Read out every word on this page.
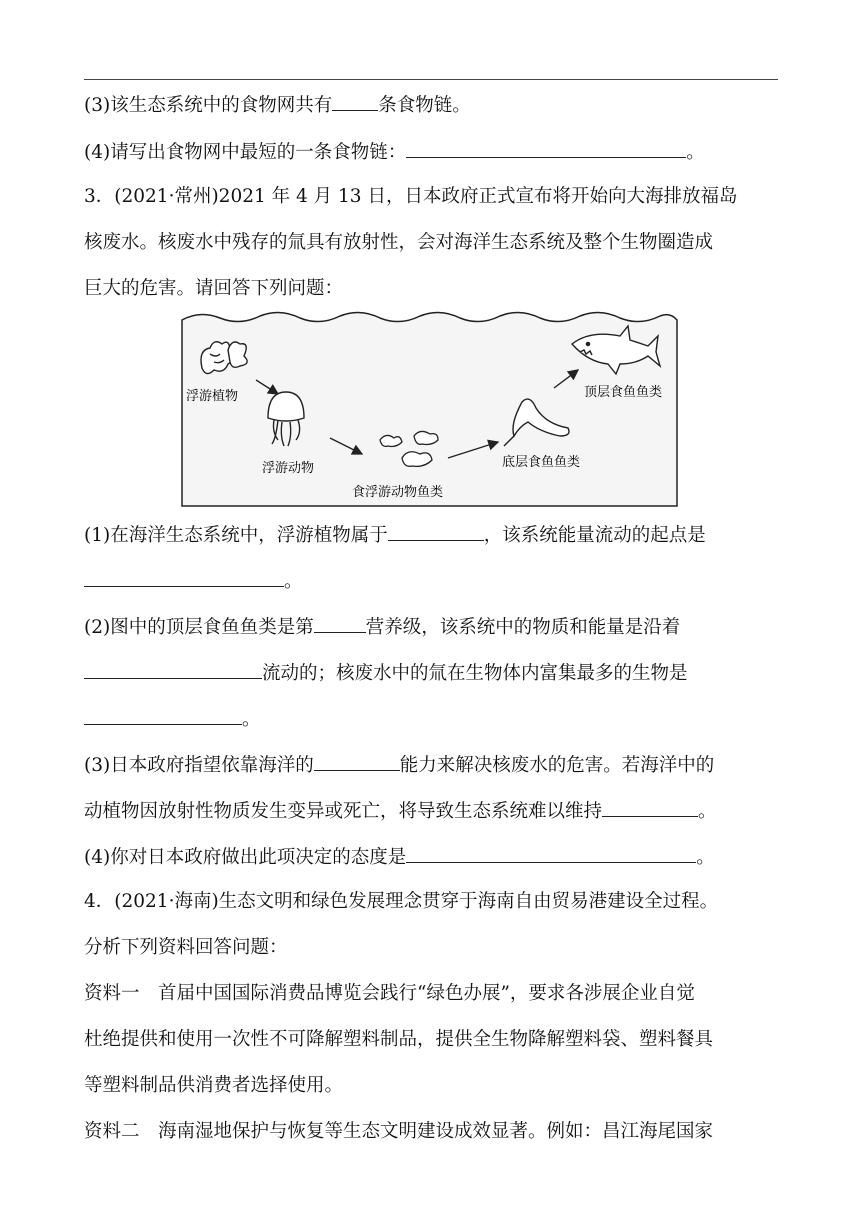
(3)该生态系统中的食物网共有 条食物链。
(4)请写出食物网中最短的一条食物链：	。
3．(2021·常州)2021 年 4 月 13 日，日本政府正式宣布将开始向大海排放福岛
核废水。核废水中残存的氚具有放射性，会对海洋生态系统及整个生物圈造成
巨大的危害。请回答下列问题：
浮游植物
浮游动物
食浮游动物鱼类
底层食鱼鱼类
顶层食鱼鱼类
(1)在海洋生态系统中，浮游植物属于	，该系统能量流动的起点是
。
(2)图中的顶层食鱼鱼类是第	营养级，该系统中的物质和能量是沿着
流动的；核废水中的氚在生物体内富集最多的生物是
。
(3)日本政府指望依靠海洋的	能力来解决核废水的危害。若海洋中的
动植物因放射性物质发生变异或死亡，将导致生态系统难以维持	。
(4)你对日本政府做出此项决定的态度是	。
4．(2021·海南)生态文明和绿色发展理念贯穿于海南自由贸易港建设全过程。
分析下列资料回答问题：
资料一　首届中国国际消费品博览会践行“绿色办展”，要求各涉展企业自觉
杜绝提供和使用一次性不可降解塑料制品，提供全生物降解塑料袋、塑料餐具
等塑料制品供消费者选择使用。
资料二　海南湿地保护与恢复等生态文明建设成效显著。例如：昌江海尾国家
